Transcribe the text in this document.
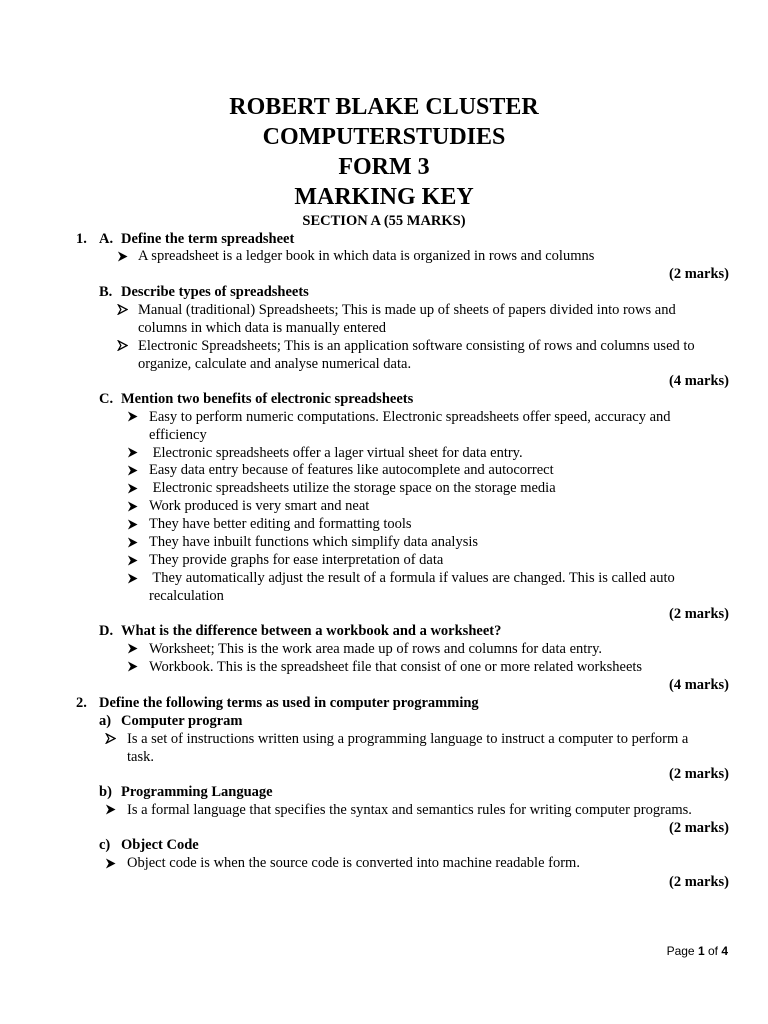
ROBERT BLAKE CLUSTER
COMPUTERSTUDIES
FORM 3
MARKING KEY
SECTION A (55 MARKS)
1. A. Define the term spreadsheet
A spreadsheet is a ledger book in which data is organized in rows and columns
(2 marks)
B. Describe types of spreadsheets
Manual (traditional) Spreadsheets; This is made up of sheets of papers divided into rows and
columns in which data is manually entered
Electronic Spreadsheets; This is an application software consisting of rows and columns used to
organize, calculate and analyse numerical data.
(4 marks)
C. Mention two benefits of electronic spreadsheets
Easy to perform numeric computations. Electronic spreadsheets offer speed, accuracy and
efficiency
Electronic spreadsheets offer a lager virtual sheet for data entry.
Easy data entry because of features like autocomplete and autocorrect
Electronic spreadsheets utilize the storage space on the storage media
Work produced is very smart and neat
They have better editing and formatting tools
They have inbuilt functions which simplify data analysis
They provide graphs for ease interpretation of data
They automatically adjust the result of a formula if values are changed. This is called auto
recalculation
(2 marks)
D. What is the difference between a workbook and a worksheet?
Worksheet; This is the work area made up of rows and columns for data entry.
Workbook. This is the spreadsheet file that consist of one or more related worksheets
(4 marks)
2. Define the following terms as used in computer programming
a) Computer program
Is a set of instructions written using a programming language to instruct a computer to perform a
task.
(2 marks)
b) Programming Language
Is a formal language that specifies the syntax and semantics rules for writing computer programs.
(2 marks)
c) Object Code
Object code is when the source code is converted into machine readable form.
(2 marks)
Page 1 of 4
